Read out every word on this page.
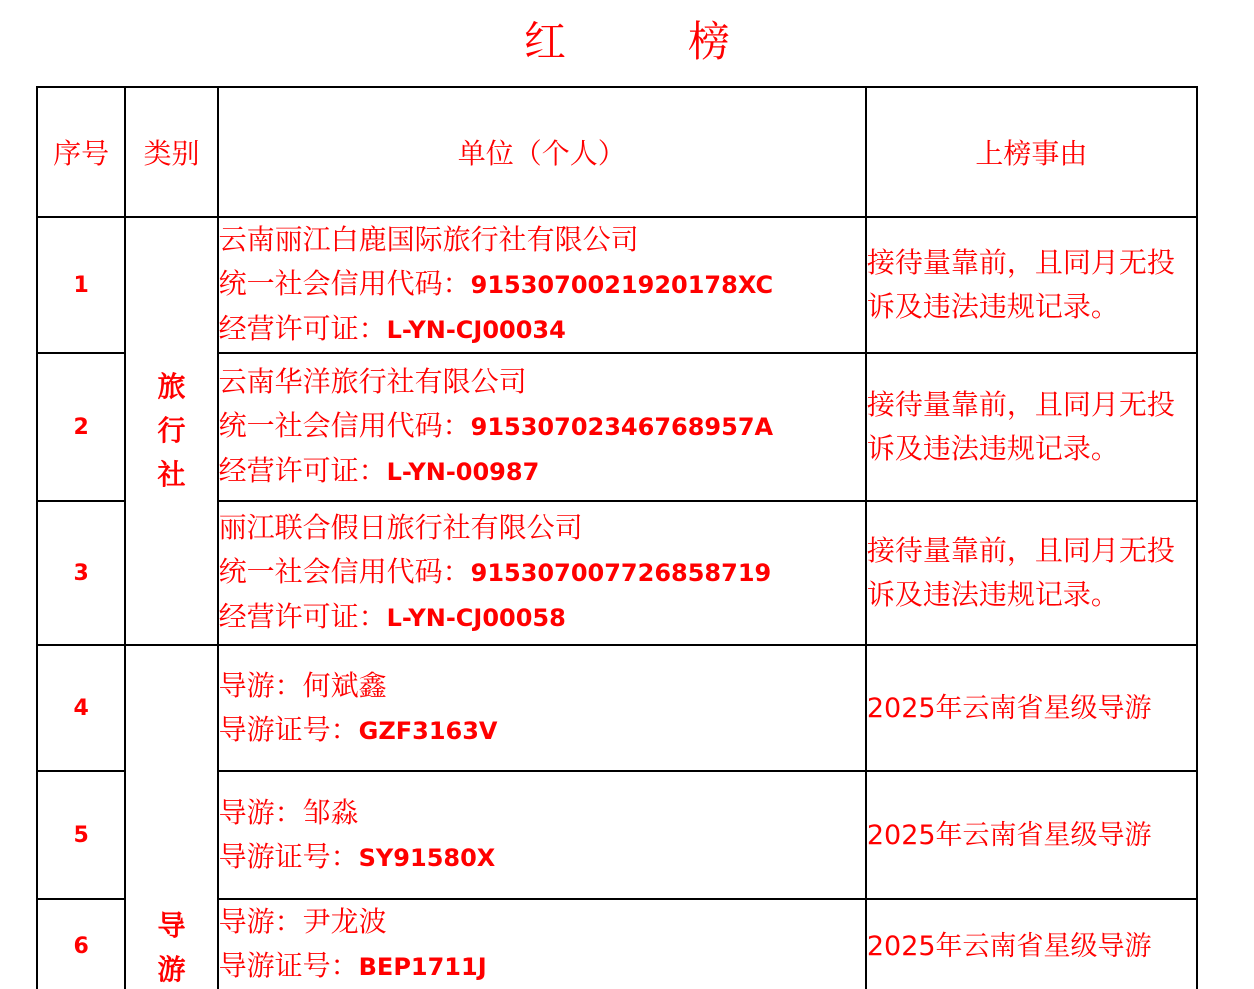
红　榜
序号	类别	单位（个人）	上榜事由
1	旅行社	云南丽江白鹿国际旅行社有限公司
统一社会信用代码：9153070021920178XC
经营许可证：L-YN-CJ00034	接待量靠前，且同月无投诉及违法违规记录。

2		云南华洋旅行社有限公司
统一社会信用代码：91530702346768957A
经营许可证：L-YN-00987	接待量靠前，且同月无投诉及违法违规记录。

3		丽江联合假日旅行社有限公司
统一社会信用代码：915307007726858719
经营许可证：L-YN-CJ00058	接待量靠前，且同月无投诉及违法违规记录。

4	导游	导游：何斌鑫
导游证号：GZF3163V	2025年云南省星级导游
5		导游：邹淼
导游证号：SY91580X	2025年云南省星级导游
6		导游：尹龙波
导游证号：BEP1711J	2025年云南省星级导游
